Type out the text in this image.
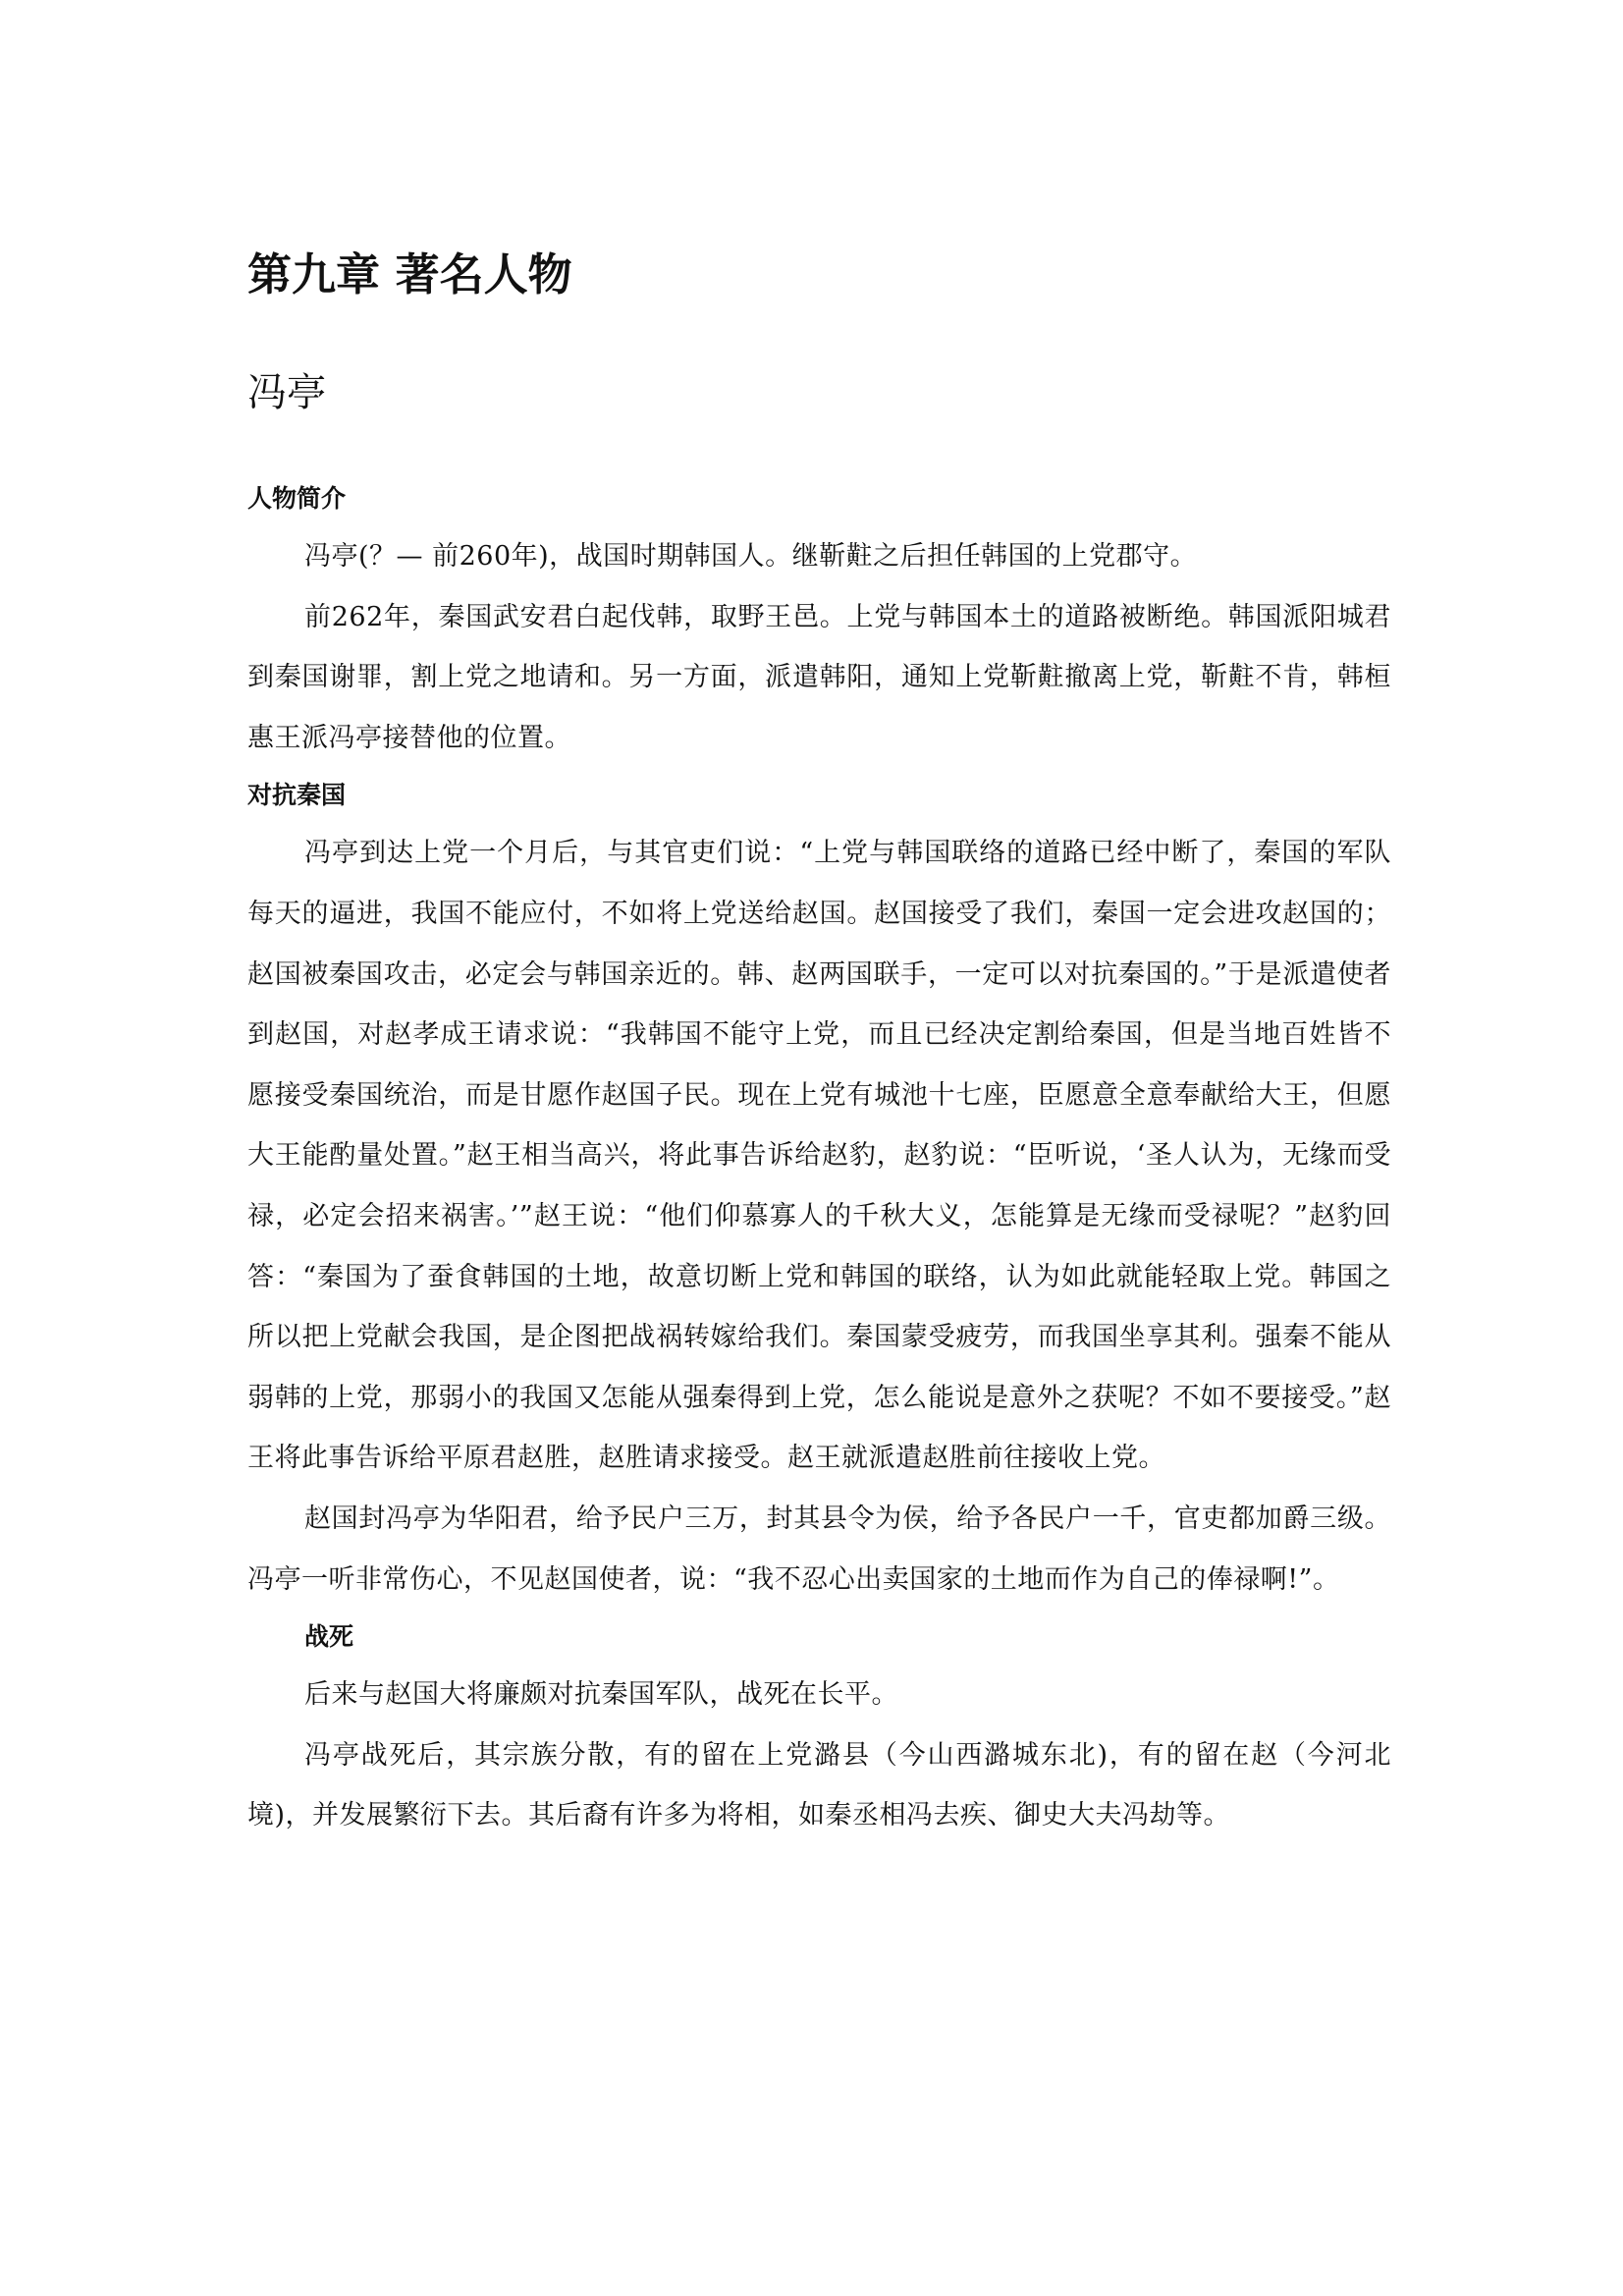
第九章 著名人物
冯亭
人物简介

冯亭(？— 前260年)，战国时期韩国人。继靳黈之后担任韩国的上党郡守。

前262年，秦国武安君白起伐韩，取野王邑。上党与韩国本土的道路被断绝。韩国派阳城君到秦国谢罪，割上党之地请和。另一方面，派遣韩阳，通知上党靳黈撤离上党，靳黈不肯，韩桓惠王派冯亭接替他的位置。

对抗秦国

冯亭到达上党一个月后，与其官吏们说：“上党与韩国联络的道路已经中断了，秦国的军队每天的逼进，我国不能应付，不如将上党送给赵国。赵国接受了我们，秦国一定会进攻赵国的；赵国被秦国攻击，必定会与韩国亲近的。韩、赵两国联手，一定可以对抗秦国的。”于是派遣使者到赵国，对赵孝成王请求说：“我韩国不能守上党，而且已经决定割给秦国，但是当地百姓皆不愿接受秦国统治，而是甘愿作赵国子民。现在上党有城池十七座，臣愿意全意奉献给大王，但愿大王能酌量处置。”赵王相当高兴，将此事告诉给赵豹，赵豹说：“臣听说，‘圣人认为，无缘而受禄，必定会招来祸害。’”赵王说：“他们仰慕寡人的千秋大义，怎能算是无缘而受禄呢？”赵豹回答：“秦国为了蚕食韩国的土地，故意切断上党和韩国的联络，认为如此就能轻取上党。韩国之所以把上党献会我国，是企图把战祸转嫁给我们。秦国蒙受疲劳，而我国坐享其利。强秦不能从弱韩的上党，那弱小的我国又怎能从强秦得到上党，怎么能说是意外之获呢？不如不要接受。”赵王将此事告诉给平原君赵胜，赵胜请求接受。赵王就派遣赵胜前往接收上党。

赵国封冯亭为华阳君，给予民户三万，封其县令为侯，给予各民户一千，官吏都加爵三级。冯亭一听非常伤心，不见赵国使者，说：“我不忍心出卖国家的土地而作为自己的俸禄啊!”。

战死

后来与赵国大将廉颇对抗秦国军队，战死在长平。

冯亭战死后，其宗族分散，有的留在上党潞县（今山西潞城东北)，有的留在赵（今河北境)，并发展繁衍下去。其后裔有许多为将相，如秦丞相冯去疾、御史大夫冯劫等。
